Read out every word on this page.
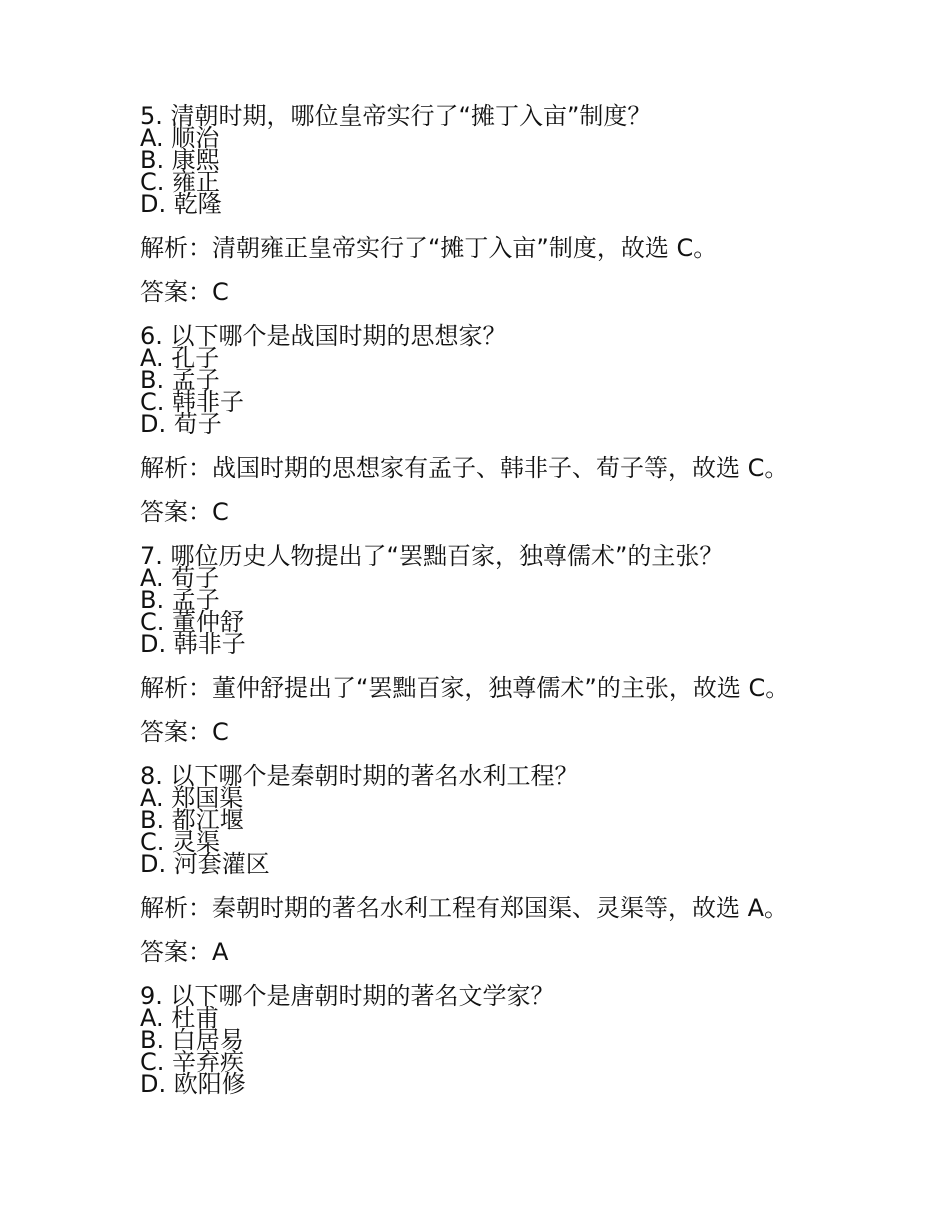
5. 清朝时期，哪位皇帝实行了“摊丁入亩”制度？
A. 顺治
B. 康熙
C. 雍正
D. 乾隆
解析：清朝雍正皇帝实行了“摊丁入亩”制度，故选 C。
答案：C
6. 以下哪个是战国时期的思想家？
A. 孔子
B. 孟子
C. 韩非子
D. 荀子
解析：战国时期的思想家有孟子、韩非子、荀子等，故选 C。
答案：C
7. 哪位历史人物提出了“罢黜百家，独尊儒术”的主张？
A. 荀子
B. 孟子
C. 董仲舒
D. 韩非子
解析：董仲舒提出了“罢黜百家，独尊儒术”的主张，故选 C。
答案：C
8. 以下哪个是秦朝时期的著名水利工程？
A. 郑国渠
B. 都江堰
C. 灵渠
D. 河套灌区
解析：秦朝时期的著名水利工程有郑国渠、灵渠等，故选 A。
答案：A
9. 以下哪个是唐朝时期的著名文学家？
A. 杜甫
B. 白居易
C. 辛弃疾
D. 欧阳修
